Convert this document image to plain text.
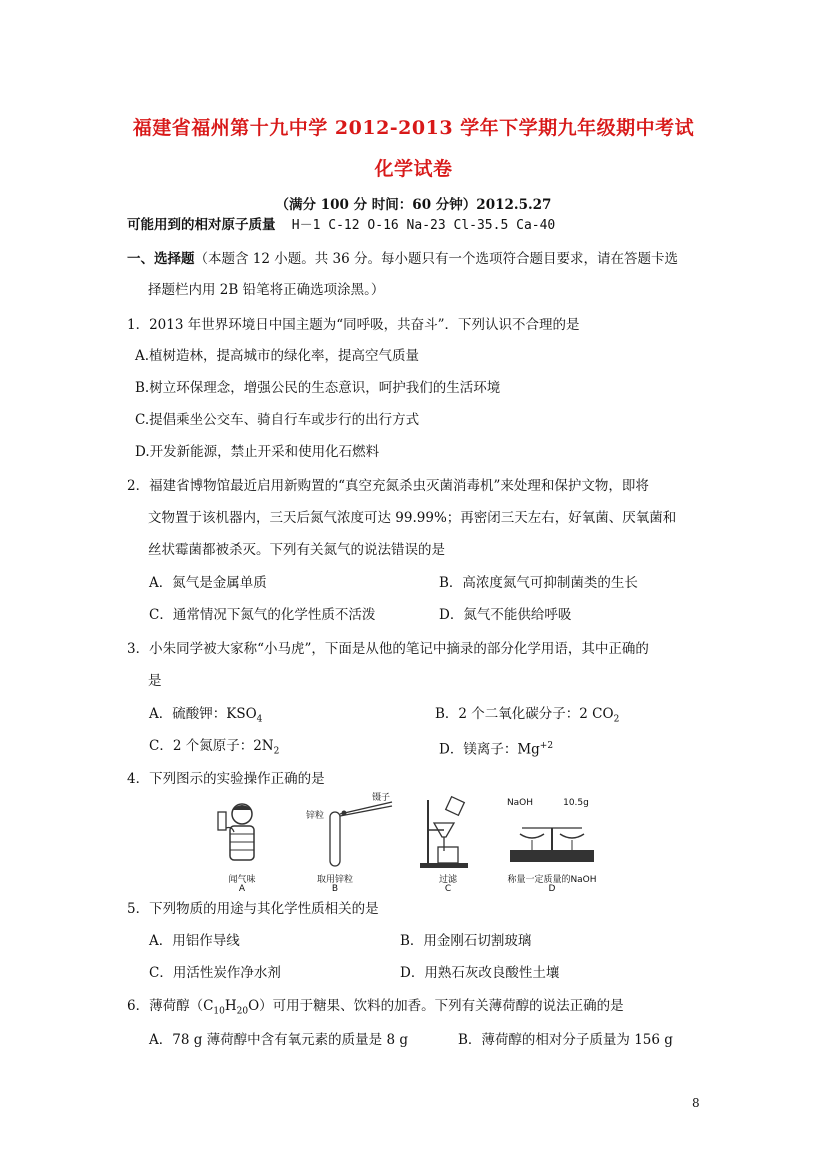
福建省福州第十九中学 2012-2013 学年下学期九年级期中考试
化学试卷
（满分 100 分 时间：60 分钟）2012.5.27
可能用到的相对原子质量 H－1 C-12 O-16 Na-23 Cl-35.5 Ca-40
一、选择题（本题含 12 小题。共 36 分。每小题只有一个选项符合题目要求，请在答题卡选
择题栏内用 2B 铅笔将正确选项涂黑。）
1．2013 年世界环境日中国主题为“同呼吸，共奋斗”．下列认识不合理的是
A.植树造林，提高城市的绿化率，提高空气质量
B.树立环保理念，增强公民的生态意识，呵护我们的生活环境
C.提倡乘坐公交车、骑自行车或步行的出行方式
D.开发新能源，禁止开采和使用化石燃料
2．福建省博物馆最近启用新购置的“真空充氮杀虫灭菌消毒机”来处理和保护文物，即将
文物置于该机器内，三天后氮气浓度可达 99.99%；再密闭三天左右，好氧菌、厌氧菌和
丝状霉菌都被杀灭。下列有关氮气的说法错误的是
A．氮气是金属单质	B．高浓度氮气可抑制菌类的生长
C．通常情况下氮气的化学性质不活泼	D．氮气不能供给呼吸
3．小朱同学被大家称“小马虎”，下面是从他的笔记中摘录的部分化学用语，其中正确的
是
A．硫酸钾：$KSO_4$	B．2 个二氧化碳分子：2 $CO_2$
C．2 个氮原子：$2N_2$	D．镁离子：$Mg^{+2}$
4．下列图示的实验操作正确的是
闻气味
A
锌粒
镊子
取用锌粒
B
过滤
C
NaOH	10.5g
称量一定质量的NaOH
D
5．下列物质的用途与其化学性质相关的是
A．用铝作导线	B．用金刚石切割玻璃
C．用活性炭作净水剂	D．用熟石灰改良酸性土壤
6．薄荷醇$(C_{10}H_{20}O)$可用于糖果、饮料的加香。下列有关薄荷醇的说法正确的是
A．78 g 薄荷醇中含有氧元素的质量是 8 g	B．薄荷醇的相对分子质量为 156 g
8
